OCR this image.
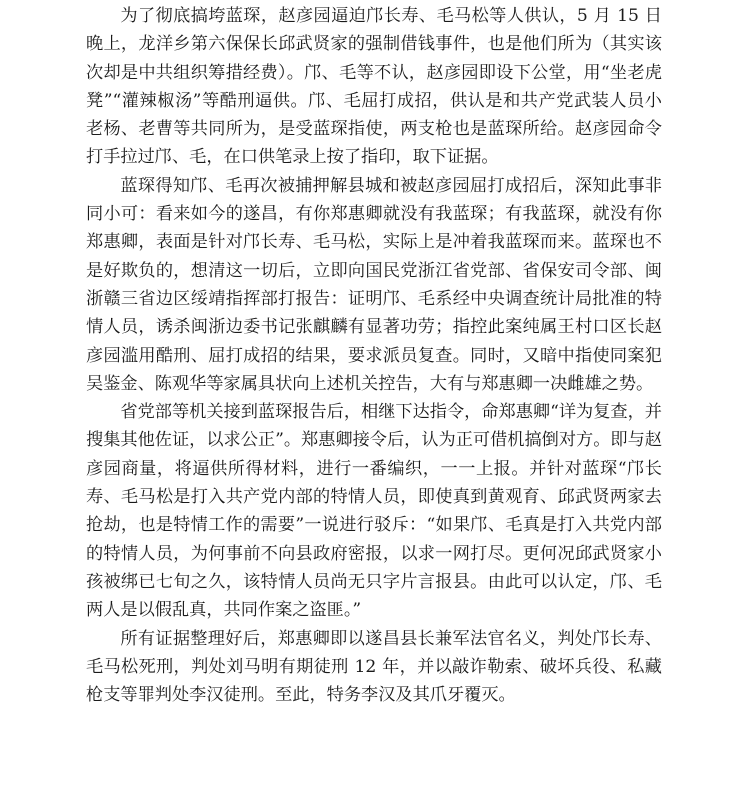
为了彻底搞垮蓝琛，赵彦园逼迫邝长寿、毛马松等人供认，5 月 15 日晚上，龙洋乡第六保保长邱武贤家的强制借钱事件，也是他们所为（其实该次却是中共组织筹措经费）。邝、毛等不认，赵彦园即设下公堂，用“坐老虎凳”“灌辣椒汤”等酷刑逼供。邝、毛屈打成招，供认是和共产党武装人员小老杨、老曹等共同所为，是受蓝琛指使，两支枪也是蓝琛所给。赵彦园命令打手拉过邝、毛，在口供笔录上按了指印，取下证据。

蓝琛得知邝、毛再次被捕押解县城和被赵彦园屈打成招后，深知此事非同小可：看来如今的遂昌，有你郑惠卿就没有我蓝琛；有我蓝琛，就没有你郑惠卿，表面是针对邝长寿、毛马松，实际上是冲着我蓝琛而来。蓝琛也不是好欺负的，想清这一切后，立即向国民党浙江省党部、省保安司令部、闽浙赣三省边区绥靖指挥部打报告：证明邝、毛系经中央调查统计局批准的特情人员，诱杀闽浙边委书记张麒麟有显著功劳；指控此案纯属王村口区长赵彦园滥用酷刑、屈打成招的结果，要求派员复查。同时，又暗中指使同案犯吴鉴金、陈观华等家属具状向上述机关控告，大有与郑惠卿一决雌雄之势。

省党部等机关接到蓝琛报告后，相继下达指令，命郑惠卿“详为复查，并搜集其他佐证，以求公正”。郑惠卿接令后，认为正可借机搞倒对方。即与赵彦园商量，将逼供所得材料，进行一番编织，一一上报。并针对蓝琛“邝长寿、毛马松是打入共产党内部的特情人员，即使真到黄观育、邱武贤两家去抢劫，也是特情工作的需要”一说进行驳斥：“如果邝、毛真是打入共党内部的特情人员，为何事前不向县政府密报，以求一网打尽。更何况邱武贤家小孩被绑已七旬之久，该特情人员尚无只字片言报县。由此可以认定，邝、毛两人是以假乱真，共同作案之盗匪。”

所有证据整理好后，郑惠卿即以遂昌县长兼军法官名义，判处邝长寿、毛马松死刑，判处刘马明有期徒刑 12 年，并以敲诈勒索、破坏兵役、私藏枪支等罪判处李汉徒刑。至此，特务李汉及其爪牙覆灭。
